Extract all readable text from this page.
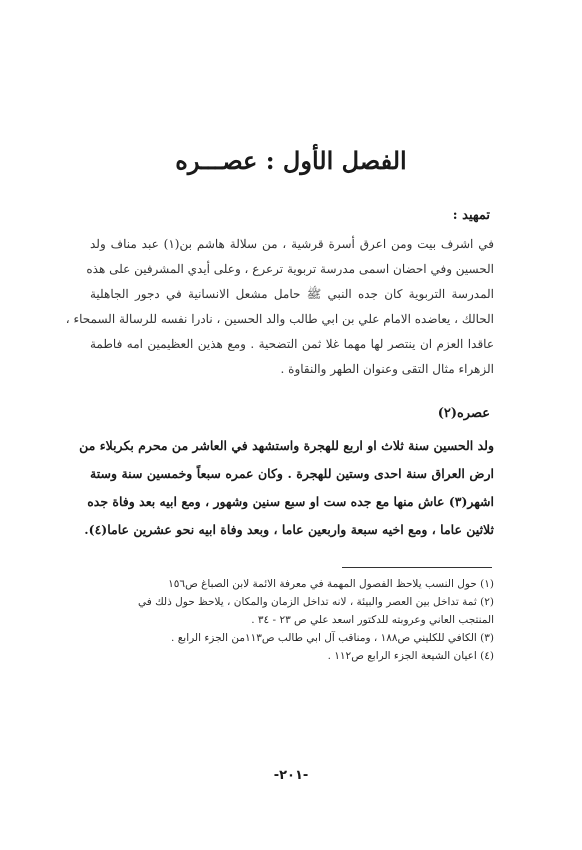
الفصل الأول : عصـــره
تمهيد :
في اشرف بيت ومن اعرق أسرة قرشية ، من سلالة هاشم بن(١) عبد مناف ولد
الحسين وفي احضان اسمى مدرسة تربوية ترعرع ، وعلى أيدي المشرفين على هذه
المدرسة التربوية كان جده النبي ﷺ حامل مشعل الانسانية في دجور الجاهلية
الحالك ، يعاضده الامام علي بن ابي طالب والد الحسين ، نادرا نفسه للرسالة السمحاء ،
عاقدا العزم ان ينتصر لها مهما غلا ثمن التضحية . ومع هذين العظيمين امه فاطمة
الزهراء مثال التقى وعنوان الطهر والنقاوة .
عصره(٢)
ولد الحسين سنة ثلاث او اربع للهجرة واستشهد في العاشر من محرم بكربلاء من
ارض العراق سنة احدى وستين للهجرة . وكان عمره سبعاً وخمسين سنة وستة
اشهر(٣) عاش منها مع جده ست او سبع سنين وشهور ، ومع ابيه بعد وفاة جده
ثلاثين عاما ، ومع اخيه سبعة واربعين عاما ، وبعد وفاة ابيه نحو عشرين عاما(٤).
(١) حول النسب يلاحظ الفصول المهمة في معرفة الائمة لابن الصباغ ص١٥٦
(٢) ثمة تداخل بين العصر والبيئة ، لانه تداخل الزمان والمكان ، يلاحظ حول ذلك في
المنتجب العاني وعروبته للدكتور اسعد علي ص ٢٣ - ٣٤ .
(٣) الكافي للكليني ص١٨٨ ، ومناقب آل ابي طالب ص١١٣من الجزء الرابع .
(٤) اعيان الشيعة الجزء الرابع ص١١٢ .
-٢٠١-
